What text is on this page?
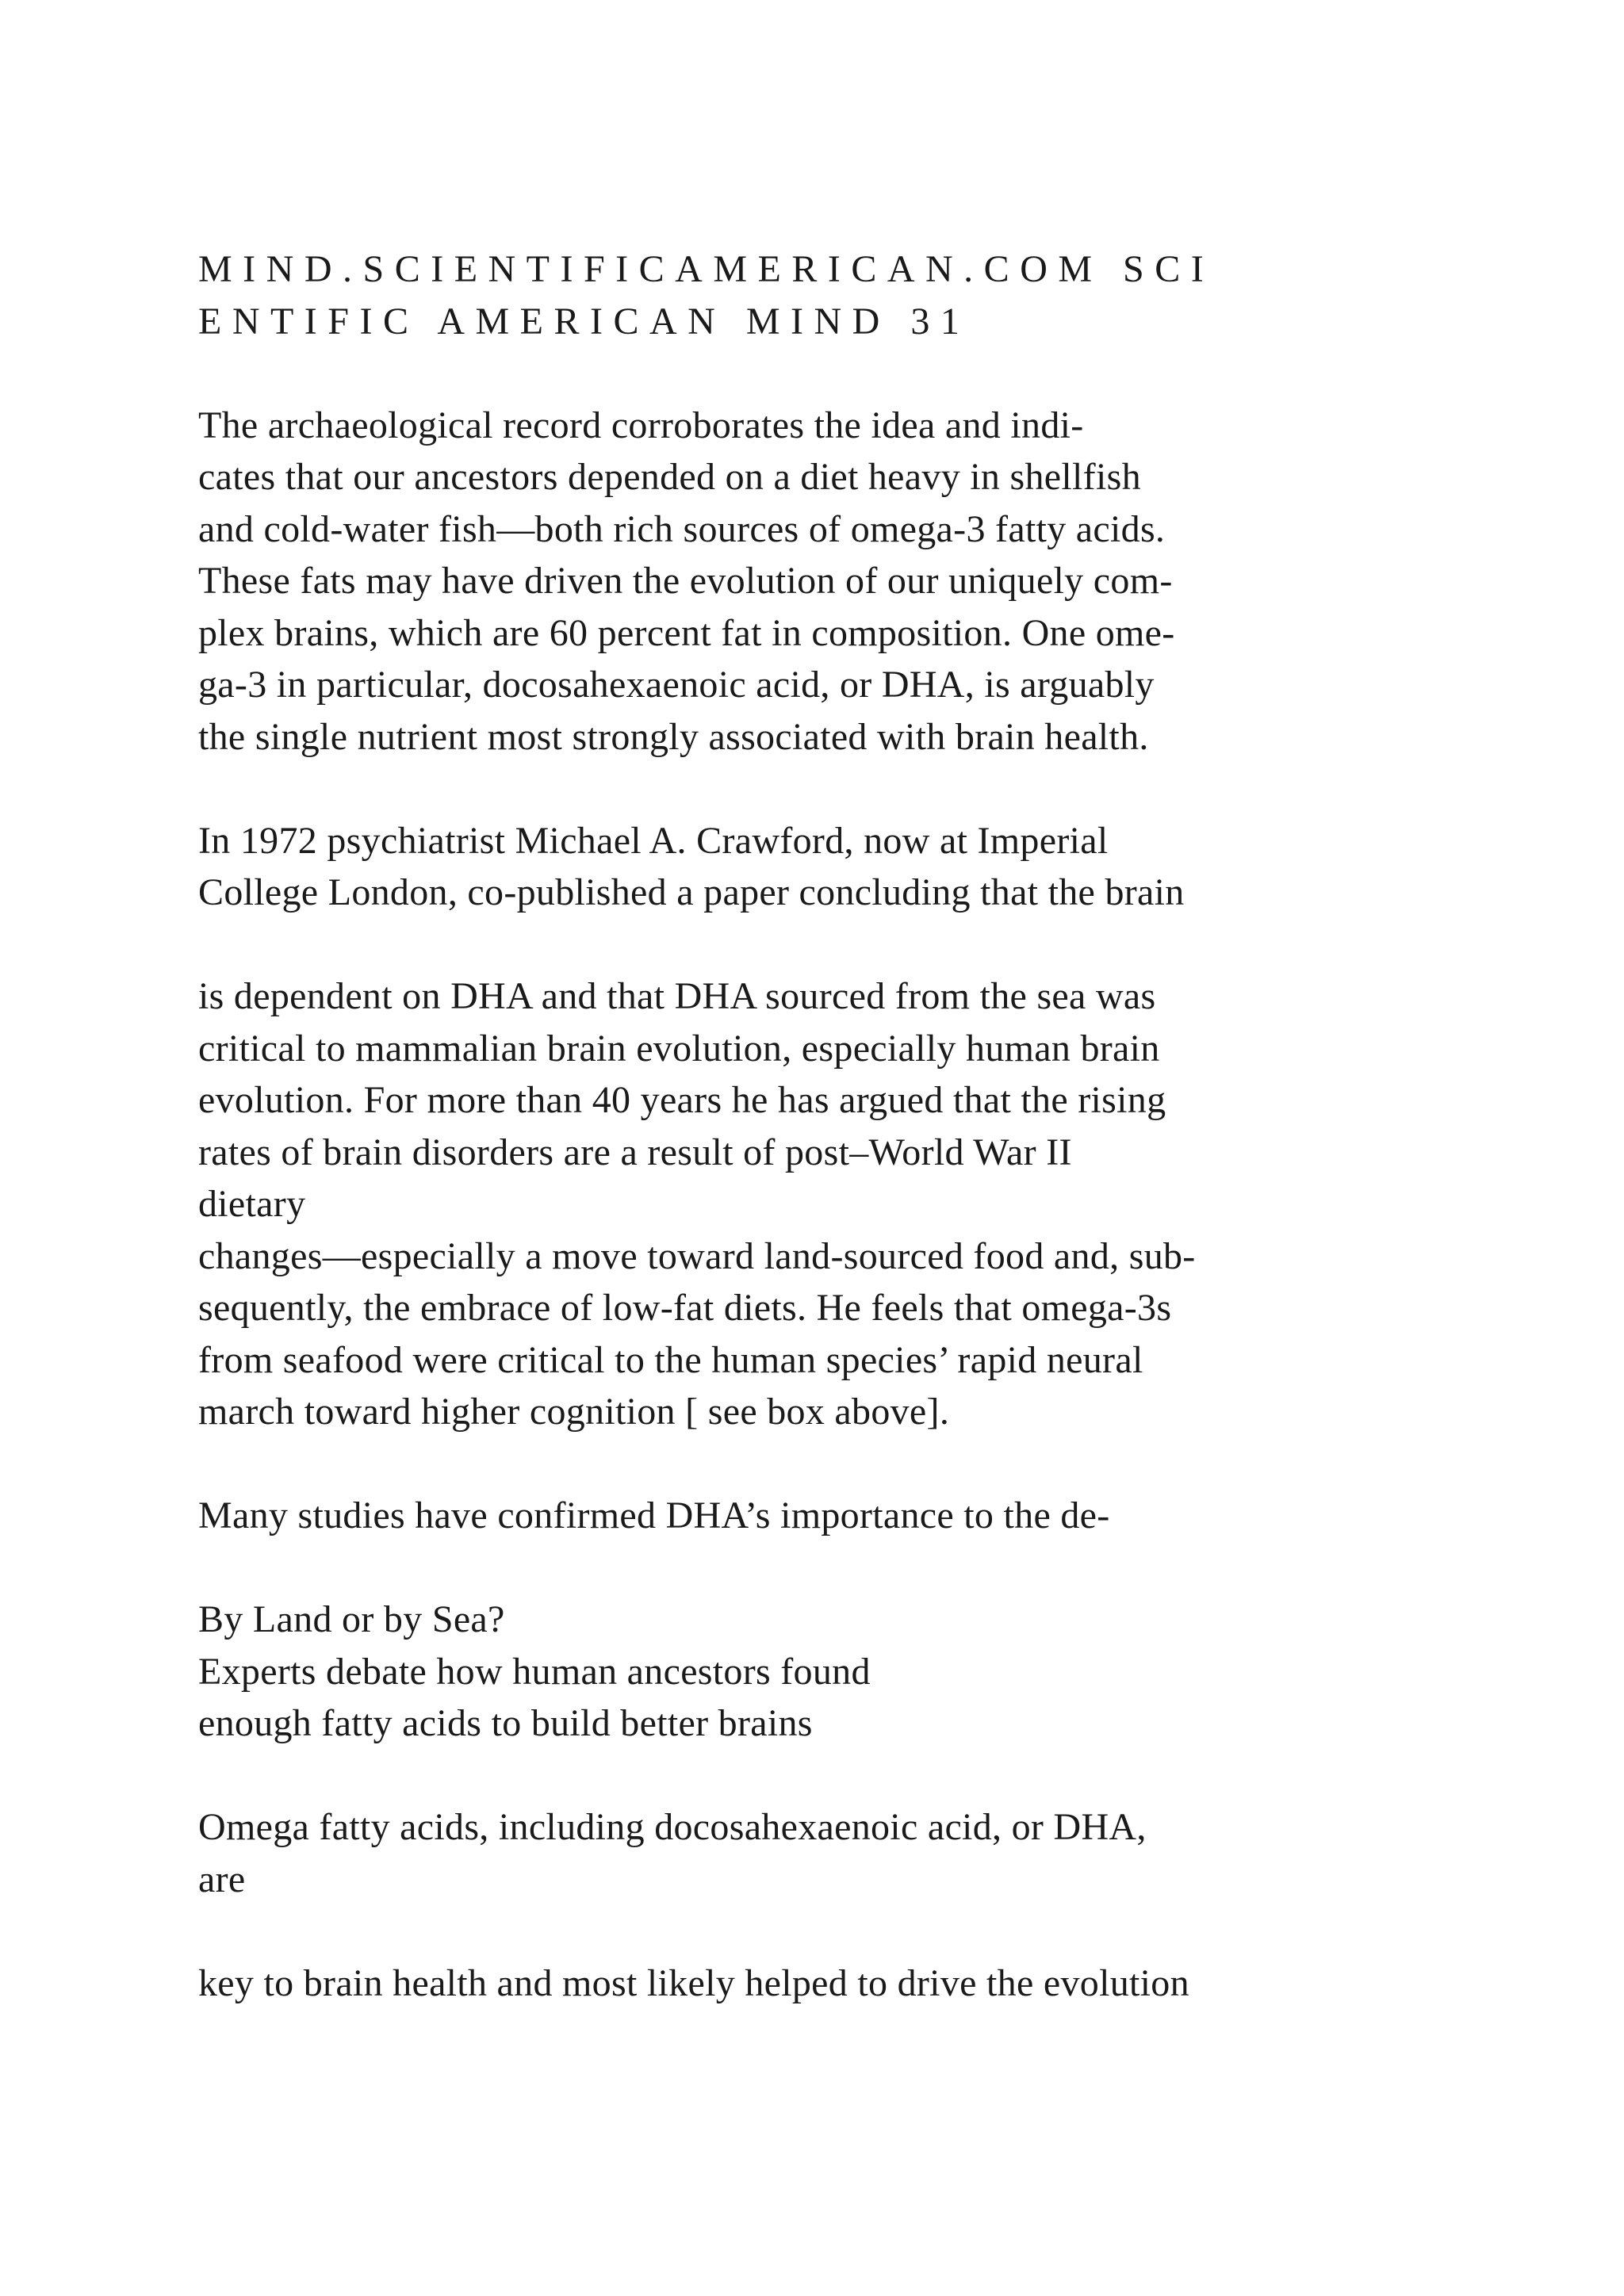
MIND.SCIENTIFICAMERICAN.COM SCI
ENTIFIC AMERICAN MIND 31
The archaeological record corroborates the idea and indi-
cates that our ancestors depended on a diet heavy in shellfish
and cold-water fish—both rich sources of omega-3 fatty acids.
These fats may have driven the evolution of our uniquely com-
plex brains, which are 60 percent fat in composition. One ome-
ga-3 in particular, docosahexaenoic acid, or DHA, is arguably
the single nutrient most strongly associated with brain health.
In 1972 psychiatrist Michael A. Crawford, now at Imperial
College London, co-published a paper concluding that the brain
is dependent on DHA and that DHA sourced from the sea was
critical to mammalian brain evolution, especially human brain
evolution. For more than 40 years he has argued that the rising
rates of brain disorders are a result of post–World War II
dietary
changes—especially a move toward land-sourced food and, sub-
sequently, the embrace of low-fat diets. He feels that omega-3s
from seafood were critical to the human species’ rapid neural
march toward higher cognition [ see box above].
Many studies have confirmed DHA’s importance to the de-
By Land or by Sea?
Experts debate how human ancestors found
enough fatty acids to build better brains
Omega fatty acids, including docosahexaenoic acid, or DHA,
are
key to brain health and most likely helped to drive the evolution
